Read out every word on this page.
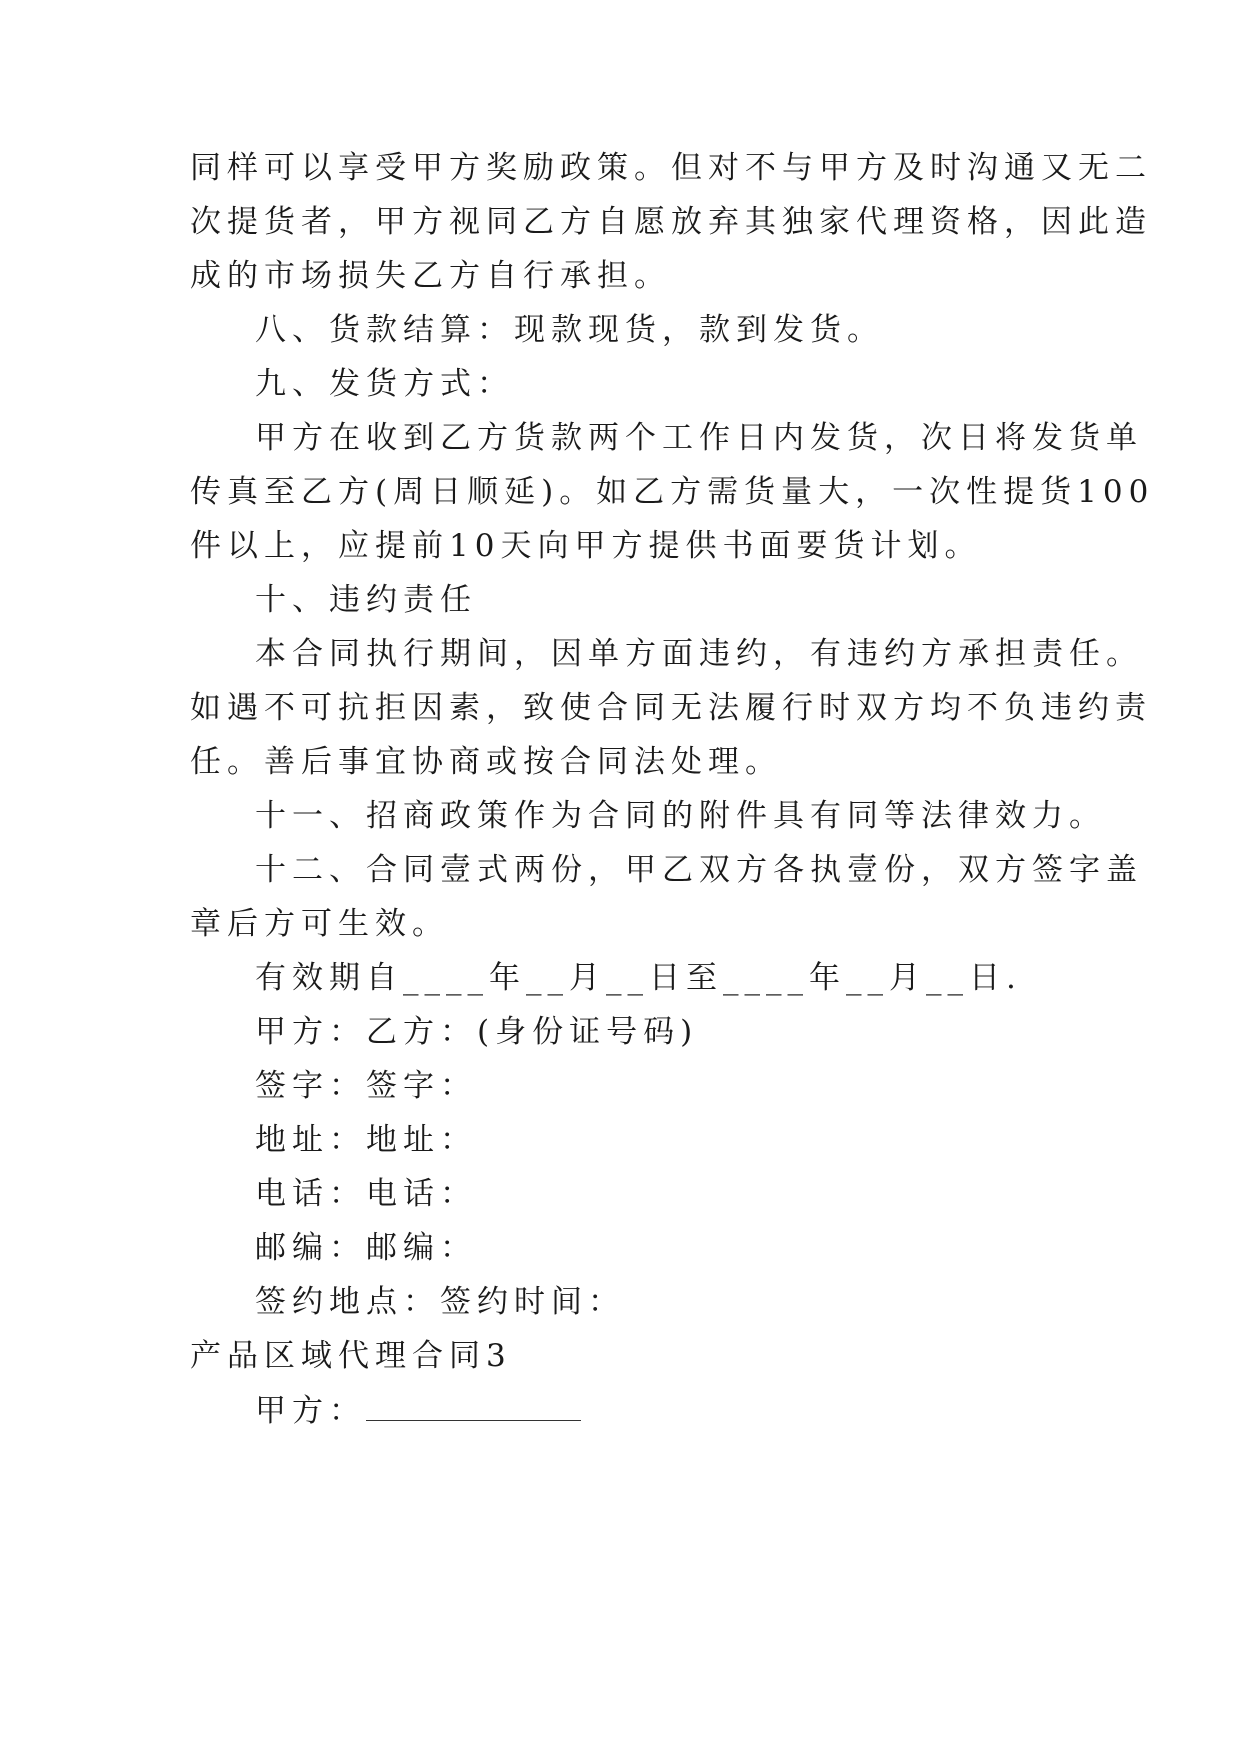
同样可以享受甲方奖励政策。但对不与甲方及时沟通又无二
次提货者，甲方视同乙方自愿放弃其独家代理资格，因此造
成的市场损失乙方自行承担。
八、货款结算：现款现货，款到发货。
九、发货方式：
甲方在收到乙方货款两个工作日内发货，次日将发货单
传真至乙方(周日顺延)。如乙方需货量大，一次性提货100
件以上，应提前10天向甲方提供书面要货计划。
十、违约责任
本合同执行期间，因单方面违约，有违约方承担责任。
如遇不可抗拒因素，致使合同无法履行时双方均不负违约责
任。善后事宜协商或按合同法处理。
十一、招商政策作为合同的附件具有同等法律效力。
十二、合同壹式两份，甲乙双方各执壹份，双方签字盖
章后方可生效。
有效期自____年__月__日至____年__月__日.
甲方：乙方：(身份证号码)
签字：签字：
地址：地址：
电话：电话：
邮编：邮编：
签约地点：签约时间：
产品区域代理合同3
甲方：
